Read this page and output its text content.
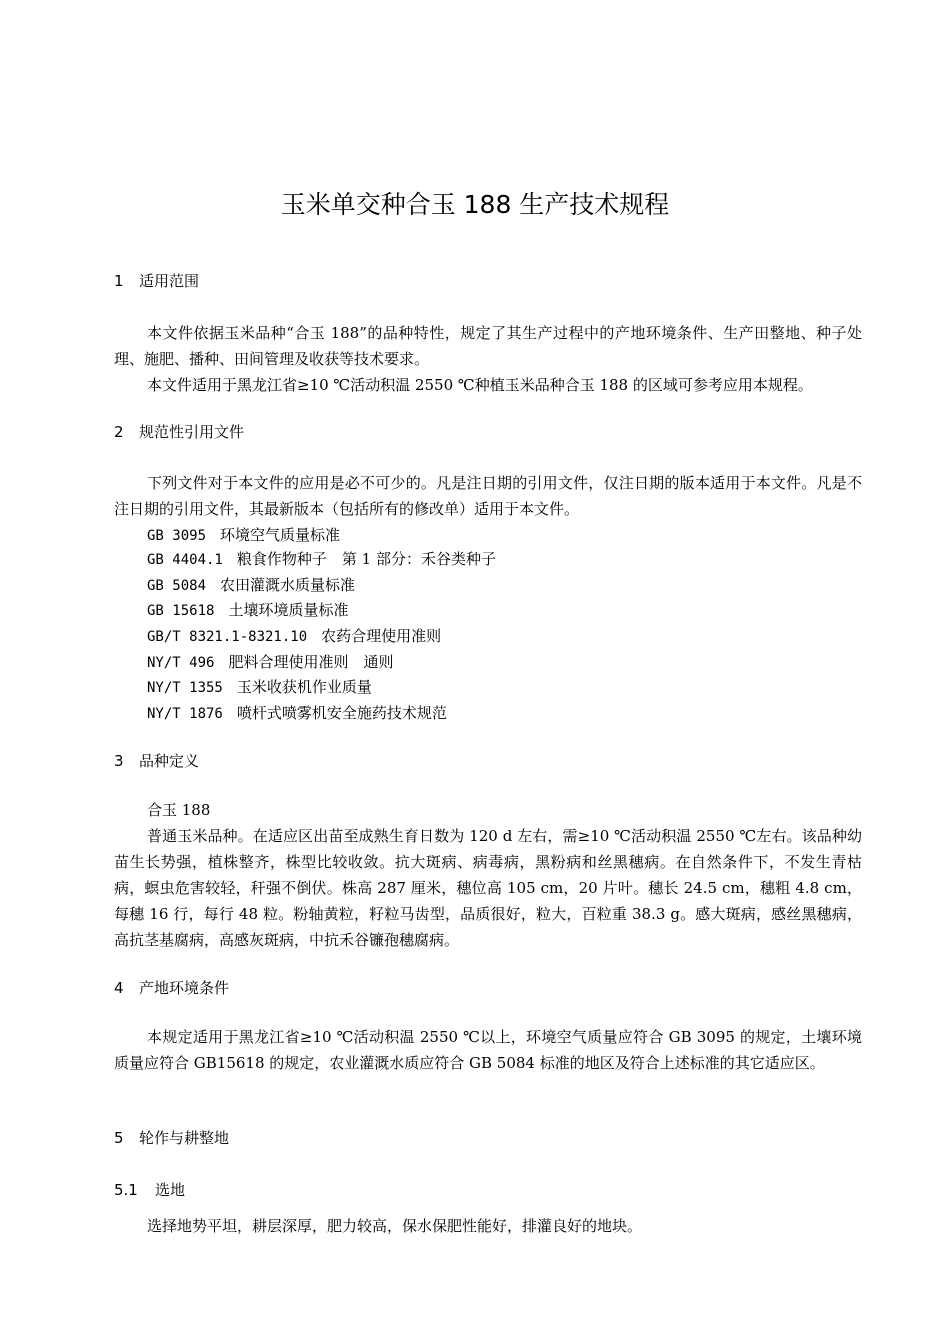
玉米单交种合玉 188 生产技术规程
1 适用范围
本文件依据玉米品种“合玉 188”的品种特性，规定了其生产过程中的产地环境条件、生产田整地、种子处理、施肥、播种、田间管理及收获等技术要求。
本文件适用于黑龙江省≥10 ℃活动积温 2550 ℃种植玉米品种合玉 188 的区域可参考应用本规程。
2 规范性引用文件
下列文件对于本文件的应用是必不可少的。凡是注日期的引用文件，仅注日期的版本适用于本文件。凡是不注日期的引用文件，其最新版本（包括所有的修改单）适用于本文件。
GB 3095 环境空气质量标准
GB 4404.1 粮食作物种子　第 1 部分：禾谷类种子
GB 5084 农田灌溉水质量标准
GB 15618 土壤环境质量标准
GB/T 8321.1-8321.10 农药合理使用准则
NY/T 496 肥料合理使用准则　通则
NY/T 1355 玉米收获机作业质量
NY/T 1876 喷杆式喷雾机安全施药技术规范
3 品种定义
合玉 188
普通玉米品种。在适应区出苗至成熟生育日数为 120 d 左右，需≥10 ℃活动积温 2550 ℃左右。该品种幼苗生长势强，植株整齐，株型比较收敛。抗大斑病、病毒病，黑粉病和丝黑穗病。在自然条件下，不发生青枯病，螟虫危害较轻，秆强不倒伏。株高 287 厘米，穗位高 105 cm，20 片叶。穗长 24.5 cm，穗粗 4.8 cm，每穗 16 行，每行 48 粒。粉轴黄粒，籽粒马齿型，品质很好，粒大，百粒重 38.3 g。感大斑病，感丝黑穗病，高抗茎基腐病，高感灰斑病，中抗禾谷镰孢穗腐病。
4 产地环境条件
本规定适用于黑龙江省≥10 ℃活动积温 2550 ℃以上，环境空气质量应符合 GB 3095 的规定，土壤环境质量应符合 GB15618 的规定，农业灌溉水质应符合 GB 5084 标准的地区及符合上述标准的其它适应区。
5 轮作与耕整地
5.1 选地
选择地势平坦，耕层深厚，肥力较高，保水保肥性能好，排灌良好的地块。
